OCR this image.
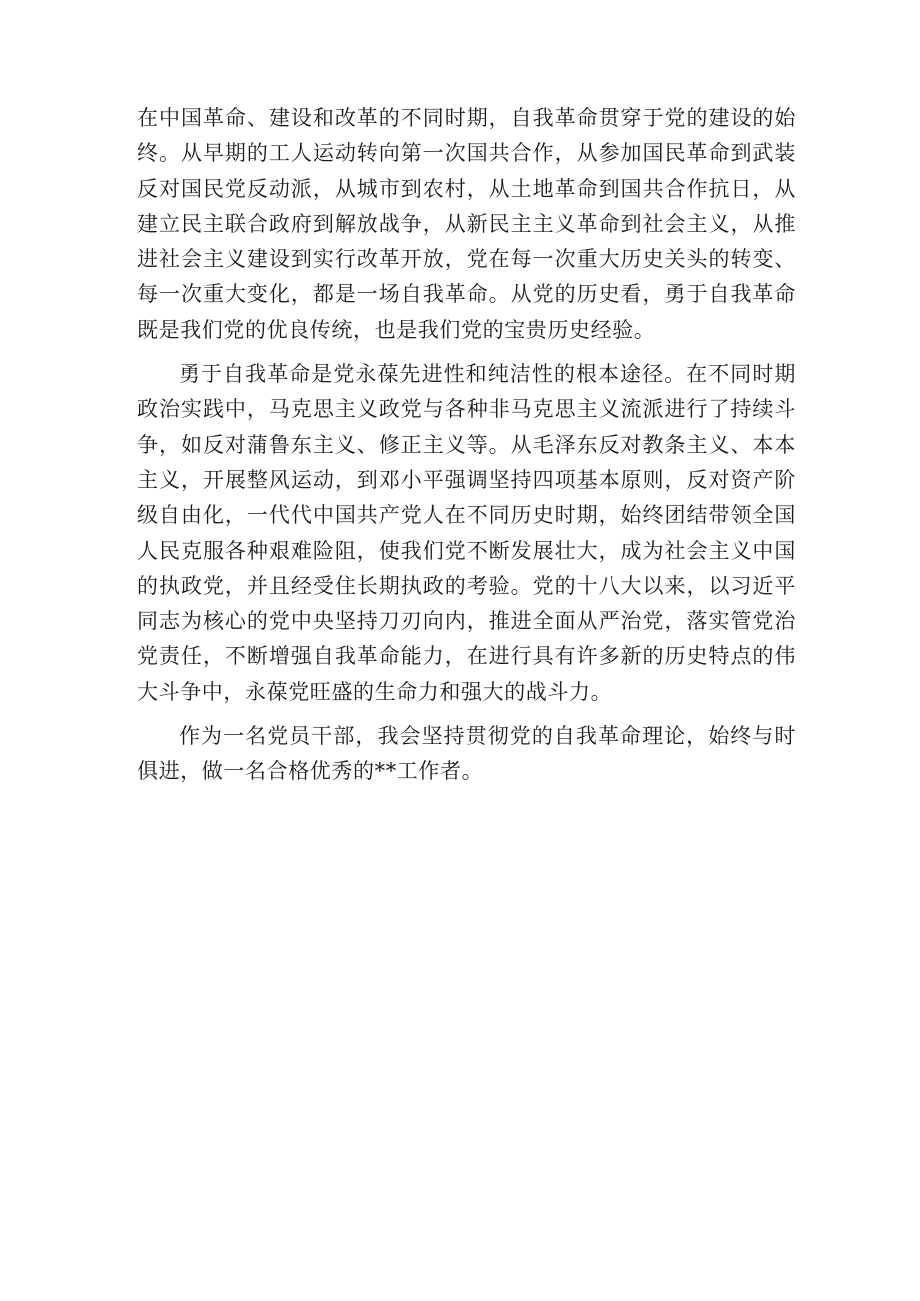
在中国革命、建设和改革的不同时期，自我革命贯穿于党的建设的始终。从早期的工人运动转向第一次国共合作，从参加国民革命到武装反对国民党反动派，从城市到农村，从土地革命到国共合作抗日，从建立民主联合政府到解放战争，从新民主主义革命到社会主义，从推进社会主义建设到实行改革开放，党在每一次重大历史关头的转变、每一次重大变化，都是一场自我革命。从党的历史看，勇于自我革命既是我们党的优良传统，也是我们党的宝贵历史经验。

勇于自我革命是党永葆先进性和纯洁性的根本途径。在不同时期政治实践中，马克思主义政党与各种非马克思主义流派进行了持续斗争，如反对蒲鲁东主义、修正主义等。从毛泽东反对教条主义、本本主义，开展整风运动，到邓小平强调坚持四项基本原则，反对资产阶级自由化，一代代中国共产党人在不同历史时期，始终团结带领全国人民克服各种艰难险阻，使我们党不断发展壮大，成为社会主义中国的执政党，并且经受住长期执政的考验。党的十八大以来，以习近平同志为核心的党中央坚持刀刃向内，推进全面从严治党，落实管党治党责任，不断增强自我革命能力，在进行具有许多新的历史特点的伟大斗争中，永葆党旺盛的生命力和强大的战斗力。

作为一名党员干部，我会坚持贯彻党的自我革命理论，始终与时俱进，做一名合格优秀的**工作者。
